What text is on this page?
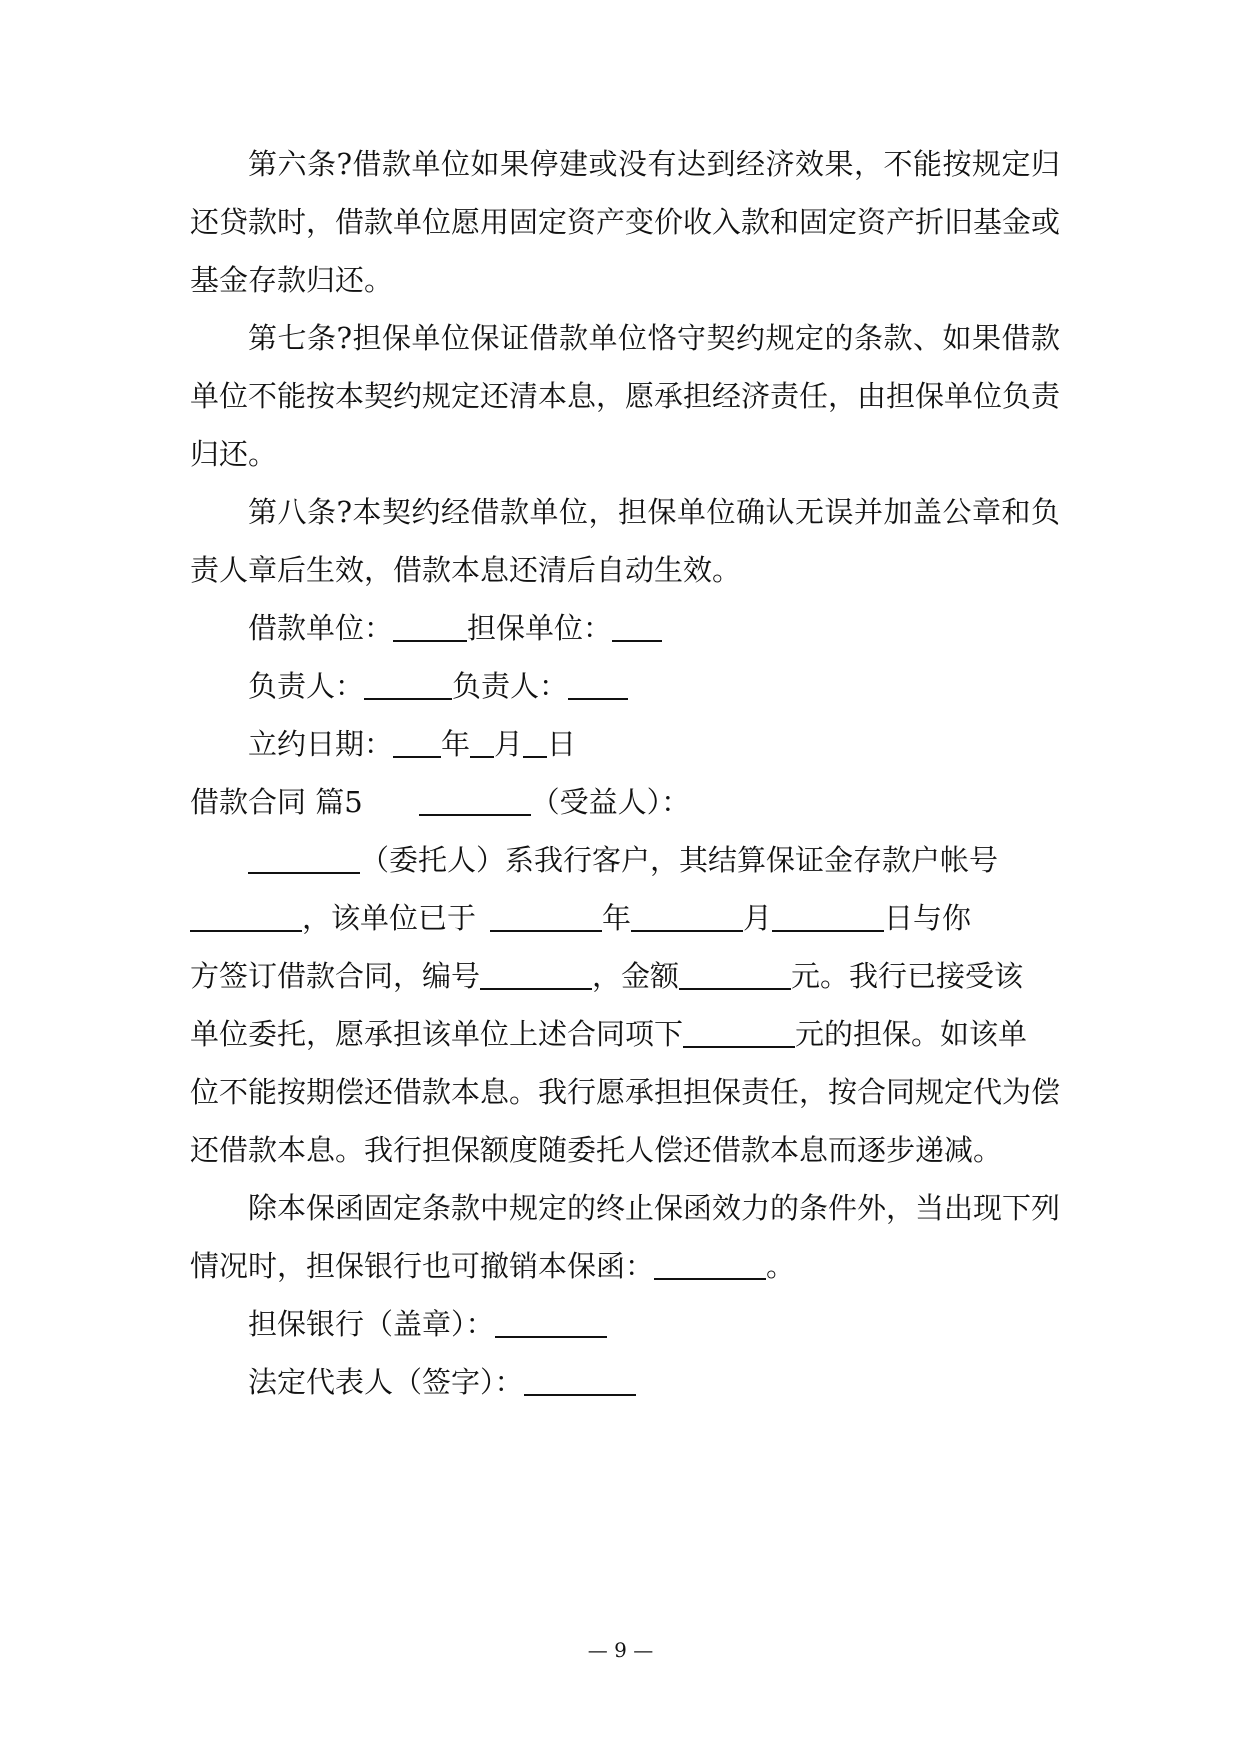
第六条?借款单位如果停建或没有达到经济效果，不能按规定归
还贷款时，借款单位愿用固定资产变价收入款和固定资产折旧基金或
基金存款归还。
第七条?担保单位保证借款单位恪守契约规定的条款、如果借款
单位不能按本契约规定还清本息，愿承担经济责任，由担保单位负责
归还。
第八条?本契约经借款单位，担保单位确认无误并加盖公章和负
责人章后生效，借款本息还清后自动生效。
借款单位：	担保单位：
负责人：	负责人：
立约日期： 年 月 日
借款合同 篇5	（受益人）：
（委托人）系我行客户，其结算保证金存款户帐号
，该单位已于	年	月	日与你
方签订借款合同，编号	，金额	元。我行已接受该
单位委托，愿承担该单位上述合同项下	元的担保。如该单
位不能按期偿还借款本息。我行愿承担担保责任，按合同规定代为偿
还借款本息。我行担保额度随委托人偿还借款本息而逐步递减。
除本保函固定条款中规定的终止保函效力的条件外，当出现下列
情况时，担保银行也可撤销本保函：	。
担保银行（盖章）：
法定代表人（签字）：
— 9 —
